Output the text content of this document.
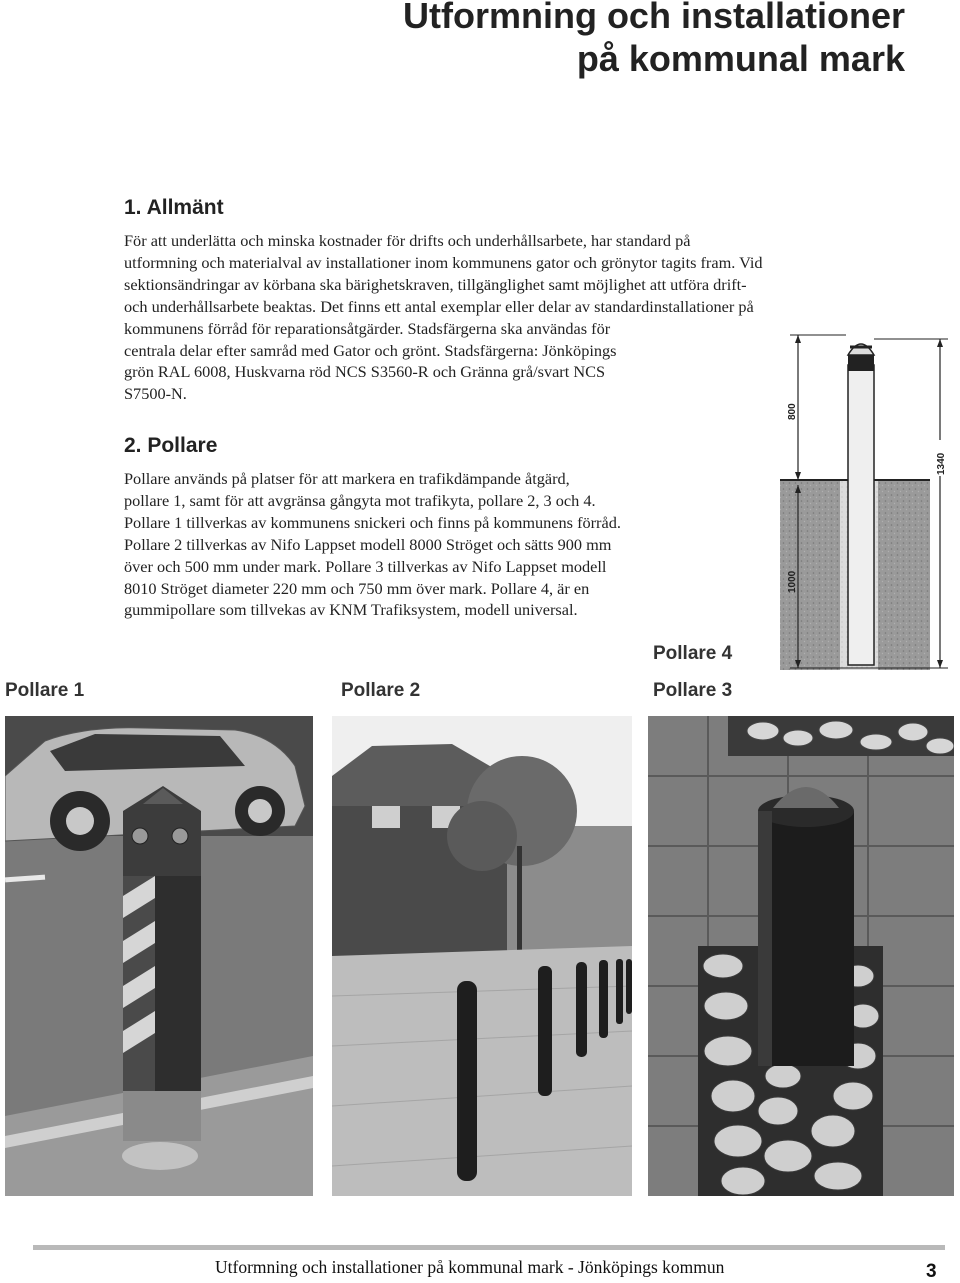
Utformning och installationer
på kommunal mark
1. Allmänt
För att underlätta och minska kostnader för drifts och underhållsarbete, har standard på
utformning och materialval av installationer inom kommunens gator och grönytor tagits fram. Vid
sektionsändringar av körbana ska bärighetskraven, tillgänglighet samt möjlighet att utföra drift-
och underhållsarbete beaktas. Det finns ett antal exemplar eller delar av standardinstallationer på
kommunens förråd för reparationsåtgärder. Stadsfärgerna ska användas för
centrala delar efter samråd med Gator och grönt. Stadsfärgerna: Jönköpings
grön RAL 6008, Huskvarna röd NCS S3560-R och Gränna grå/svart NCS
S7500-N.
2. Pollare
Pollare används på platser för att markera en trafikdämpande åtgärd,
pollare 1, samt för att avgränsa gångyta mot trafikyta, pollare 2, 3 och 4.
Pollare 1 tillverkas av kommunens snickeri och finns på kommunens förråd.
Pollare 2 tillverkas av Nifo Lappset modell 8000 Ströget och sätts 900 mm
över och 500 mm under mark. Pollare 3 tillverkas av Nifo Lappset modell
8010 Ströget diameter 220 mm och 750 mm över mark. Pollare 4, är en
gummipollare som tillvekas av KNM Trafiksystem, modell universal.
800
1340
1000

Pollare 1	Pollare 2

Pollare 4

Pollare 3

Utformning och installationer på kommunal mark - Jönköpings kommun	3
